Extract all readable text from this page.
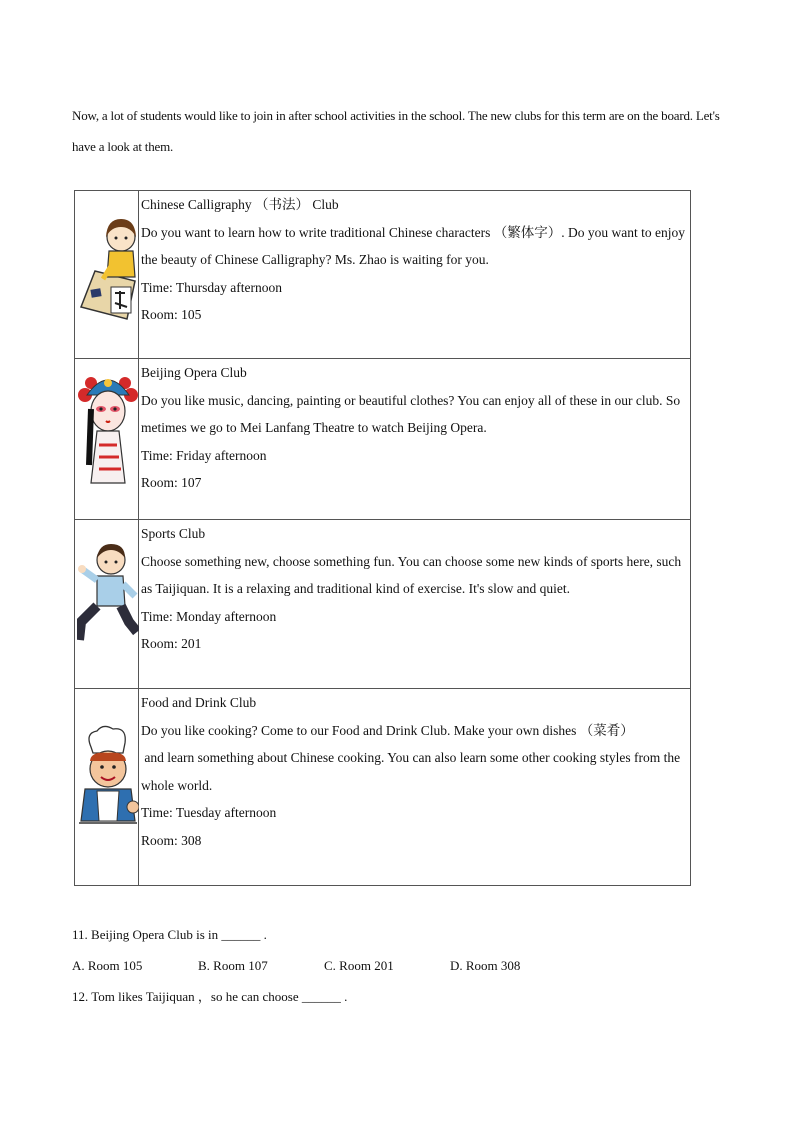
Now, a lot of students would like to join in after school activities in the school. The new clubs for this term are on the board. Let's have a look at them.

Chinese Calligraphy （书法） Club
Do you want to learn how to write traditional Chinese characters （繁体字）. Do you want to enjoy the beauty of Chinese Calligraphy? Ms. Zhao is waiting for you.
Time: Thursday afternoon
Room: 105

Beijing Opera Club
Do you like music, dancing, painting or beautiful clothes? You can enjoy all of these in our club. Sometimes we go to Mei Lanfang Theatre to watch Beijing Opera.
Time: Friday afternoon
Room: 107

Sports Club
Choose something new, choose something fun. You can choose some new kinds of sports here, such as Taijiquan. It is a relaxing and traditional kind of exercise. It's slow and quiet.
Time: Monday afternoon
Room: 201

Food and Drink Club
Do you like cooking? Come to our Food and Drink Club. Make your own dishes （菜肴）
and learn something about Chinese cooking. You can also learn some other cooking styles from the whole world.
Time: Tuesday afternoon
Room: 308
11. Beijing Opera Club is in ______ .
A. Room 105	B. Room 107	C. Room 201	D. Room 308
12. Tom likes Taijiquan ，so he can choose ______ .
